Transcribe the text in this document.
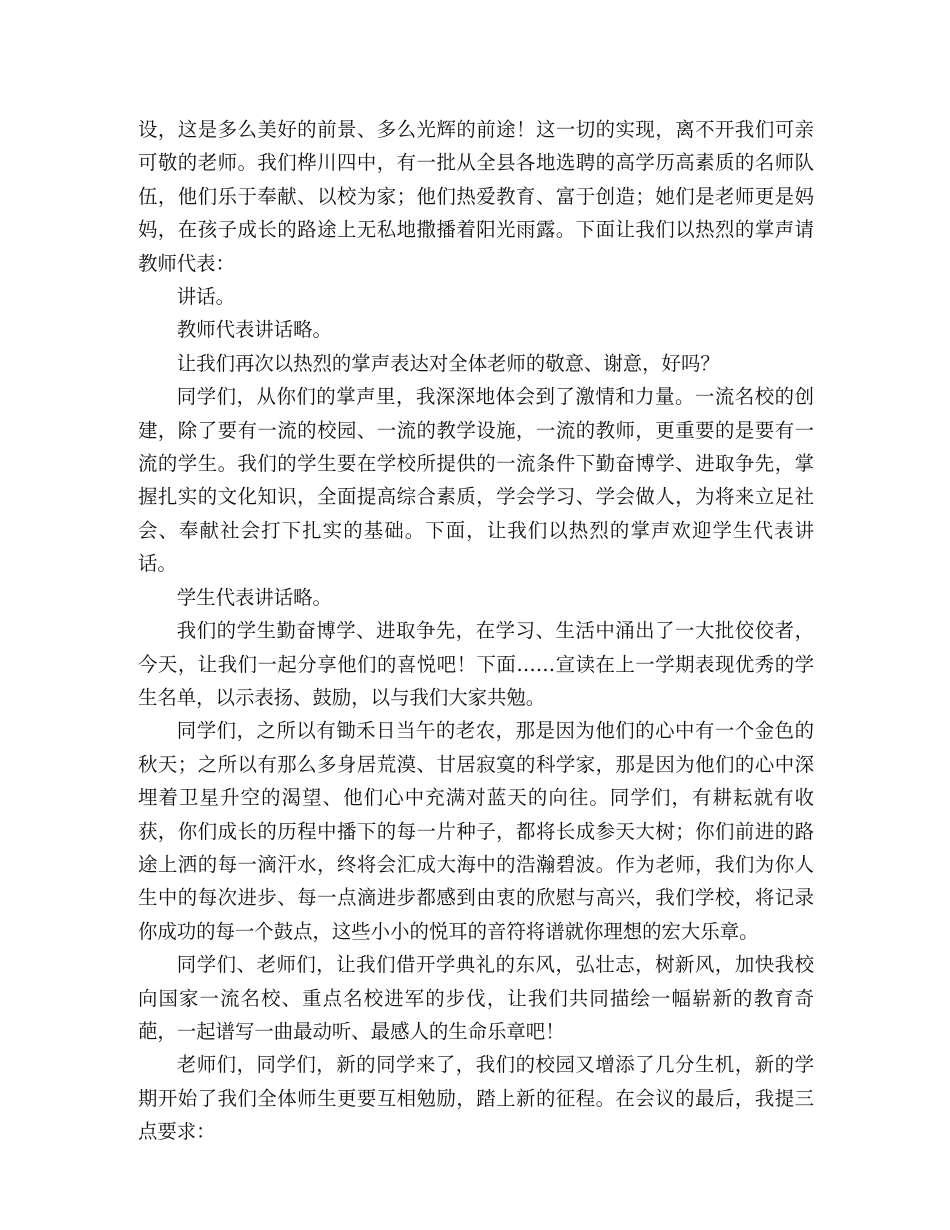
设，这是多么美好的前景、多么光辉的前途！这一切的实现，离不开我们可亲可敬的老师。我们桦川四中，有一批从全县各地选聘的高学历高素质的名师队伍，他们乐于奉献、以校为家；他们热爱教育、富于创造；她们是老师更是妈妈，在孩子成长的路途上无私地撒播着阳光雨露。下面让我们以热烈的掌声请教师代表：

讲话。

教师代表讲话略。

让我们再次以热烈的掌声表达对全体老师的敬意、谢意，好吗？

同学们，从你们的掌声里，我深深地体会到了激情和力量。一流名校的创建，除了要有一流的校园、一流的教学设施，一流的教师，更重要的是要有一流的学生。我们的学生要在学校所提供的一流条件下勤奋博学、进取争先，掌握扎实的文化知识，全面提高综合素质，学会学习、学会做人，为将来立足社会、奉献社会打下扎实的基础。下面，让我们以热烈的掌声欢迎学生代表讲话。

学生代表讲话略。

我们的学生勤奋博学、进取争先，在学习、生活中涌出了一大批佼佼者，今天，让我们一起分享他们的喜悦吧！下面……宣读在上一学期表现优秀的学生名单，以示表扬、鼓励，以与我们大家共勉。

同学们，之所以有锄禾日当午的老农，那是因为他们的心中有一个金色的秋天；之所以有那么多身居荒漠、甘居寂寞的科学家，那是因为他们的心中深埋着卫星升空的渴望、他们心中充满对蓝天的向往。同学们，有耕耘就有收获，你们成长的历程中播下的每一片种子，都将长成参天大树；你们前进的路途上洒的每一滴汗水，终将会汇成大海中的浩瀚碧波。作为老师，我们为你人生中的每次进步、每一点滴进步都感到由衷的欣慰与高兴，我们学校，将记录你成功的每一个鼓点，这些小小的悦耳的音符将谱就你理想的宏大乐章。

同学们、老师们，让我们借开学典礼的东风，弘壮志，树新风，加快我校向国家一流名校、重点名校进军的步伐，让我们共同描绘一幅崭新的教育奇葩，一起谱写一曲最动听、最感人的生命乐章吧！

老师们，同学们，新的同学来了，我们的校园又增添了几分生机，新的学期开始了我们全体师生更要互相勉励，踏上新的征程。在会议的最后，我提三点要求：
